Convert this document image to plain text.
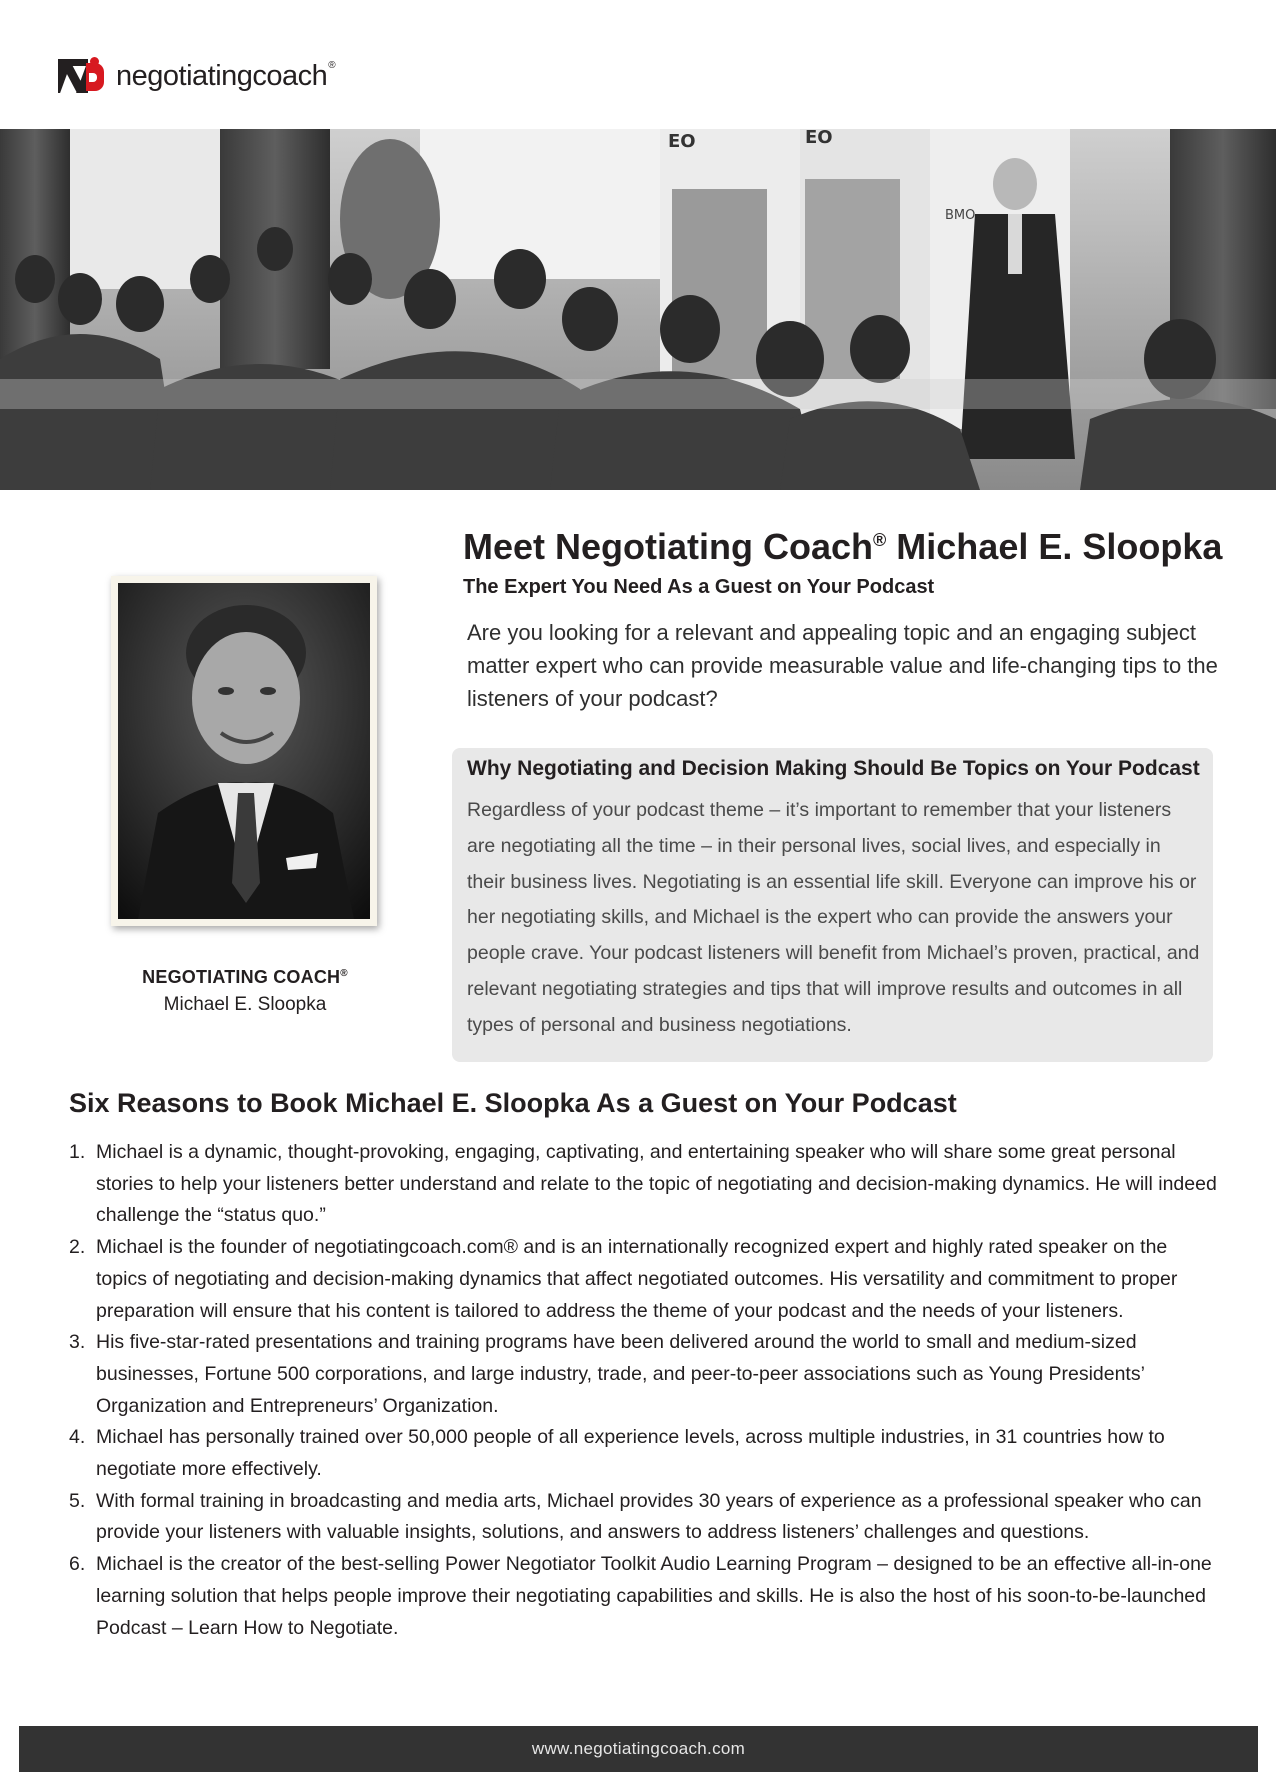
negotiatingcoach®
EO	EO
BMO
NEGOTIATING COACH®
Michael E. Sloopka
Meet Negotiating Coach® Michael E. Sloopka
The Expert You Need As a Guest on Your Podcast

Are you looking for a relevant and appealing topic and an engaging subject matter expert who can provide measurable value and life-changing tips to the listeners of your podcast?

Why Negotiating and Decision Making Should Be Topics on Your Podcast

Regardless of your podcast theme – it’s important to remember that your listeners are negotiating all the time – in their personal lives, social lives, and especially in their business lives. Negotiating is an essential life skill. Everyone can improve his or her negotiating skills, and Michael is the expert who can provide the answers your people crave. Your podcast listeners will benefit from Michael’s proven, practical, and relevant negotiating strategies and tips that will improve results and outcomes in all types of personal and business negotiations.

Six Reasons to Book Michael E. Sloopka As a Guest on Your Podcast
1. Michael is a dynamic, thought-provoking, engaging, captivating, and entertaining speaker who will share some great personal stories to help your listeners better understand and relate to the topic of negotiating and decision-making dynamics. He will indeed challenge the “status quo.”
2. Michael is the founder of negotiatingcoach.com® and is an internationally recognized expert and highly rated speaker on the topics of negotiating and decision-making dynamics that affect negotiated outcomes. His versatility and commitment to proper preparation will ensure that his content is tailored to address the theme of your podcast and the needs of your listeners.
3. His five-star-rated presentations and training programs have been delivered around the world to small and medium-sized businesses, Fortune 500 corporations, and large industry, trade, and peer-to-peer associations such as Young Presidents’ Organization and Entrepreneurs’ Organization.
4. Michael has personally trained over 50,000 people of all experience levels, across multiple industries, in 31 countries how to negotiate more effectively.
5. With formal training in broadcasting and media arts, Michael provides 30 years of experience as a professional speaker who can provide your listeners with valuable insights, solutions, and answers to address listeners’ challenges and questions.
6. Michael is the creator of the best-selling Power Negotiator Toolkit Audio Learning Program – designed to be an effective all-in-one learning solution that helps people improve their negotiating capabilities and skills. He is also the host of his soon-to-be-launched Podcast – Learn How to Negotiate.
www.negotiatingcoach.com
